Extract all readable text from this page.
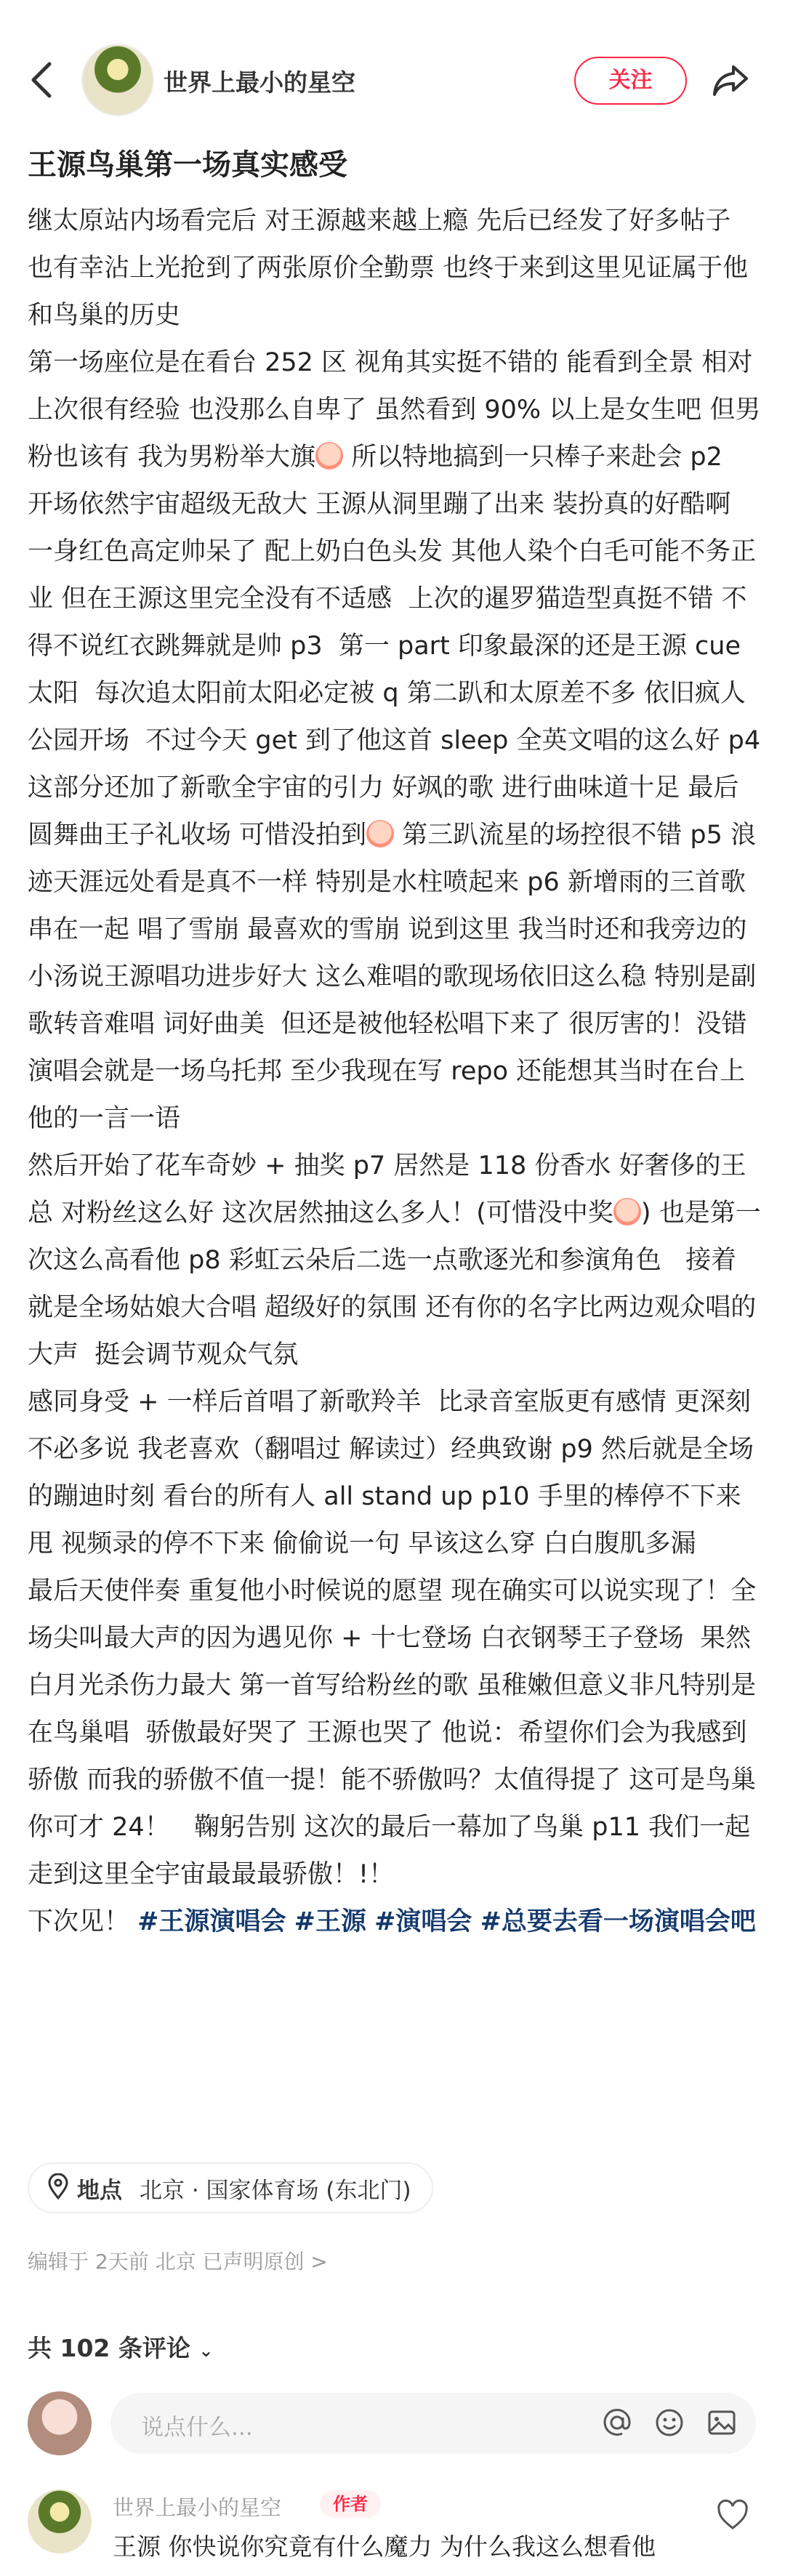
世界上最小的星空	关注
王源鸟巢第一场真实感受

继太原站内场看完后 对王源越来越上瘾 先后已经发了好多帖子 也有幸沾上光抢到了两张原价全勤票 也终于来到这里见证属于他和鸟巢的历史

第一场座位是在看台 252 区 视角其实挺不错的 能看到全景 相对上次很有经验 也没那么自卑了 虽然看到 90% 以上是女生吧 但男粉也该有 我为男粉举大旗 所以特地搞到一只棒子来赴会 p2

开场依然宇宙超级无敌大 王源从洞里蹦了出来 装扮真的好酷啊 一身红色高定帅呆了 配上奶白色头发 其他人染个白毛可能不务正业 但在王源这里完全没有不适感  上次的暹罗猫造型真挺不错 不得不说红衣跳舞就是帅 p3  第一 part 印象最深的还是王源 cue 太阳  每次追太阳前太阳必定被 q 第二趴和太原差不多 依旧疯人公园开场  不过今天 get 到了他这首 sleep 全英文唱的这么好 p4  这部分还加了新歌全宇宙的引力 好飒的歌 进行曲味道十足 最后圆舞曲王子礼收场 可惜没拍到 第三趴流星的场控很不错 p5 浪迹天涯远处看是真不一样 特别是水柱喷起来 p6 新增雨的三首歌串在一起 唱了雪崩 最喜欢的雪崩 说到这里 我当时还和我旁边的小汤说王源唱功进步好大 这么难唱的歌现场依旧这么稳 特别是副歌转音难唱 词好曲美  但还是被他轻松唱下来了 很厉害的！没错 演唱会就是一场乌托邦 至少我现在写 repo 还能想其当时在台上他的一言一语

然后开始了花车奇妙 + 抽奖 p7 居然是 118 份香水 好奢侈的王总 对粉丝这么好 这次居然抽这么多人！(可惜没中奖 ) 也是第一次这么高看他 p8 彩虹云朵后二选一点歌逐光和参演角色   接着就是全场姑娘大合唱 超级好的氛围 还有你的名字比两边观众唱的大声  挺会调节观众气氛

感同身受 + 一样后首唱了新歌羚羊  比录音室版更有感情 更深刻 不必多说 我老喜欢（翻唱过 解读过）经典致谢 p9 然后就是全场的蹦迪时刻 看台的所有人 all stand up p10 手里的棒停不下来甩 视频录的停不下来 偷偷说一句 早该这么穿 白白腹肌多漏

最后天使伴奏 重复他小时候说的愿望 现在确实可以说实现了！全场尖叫最大声的因为遇见你 + 十七登场 白衣钢琴王子登场  果然白月光杀伤力最大 第一首写给粉丝的歌 虽稚嫩但意义非凡特别是在鸟巢唱  骄傲最好哭了 王源也哭了 他说：希望你们会为我感到骄傲 而我的骄傲不值一提！能不骄傲吗？太值得提了 这可是鸟巢 你可才 24！   鞠躬告别 这次的最后一幕加了鸟巢 p11 我们一起走到这里全宇宙最最最骄傲！!！

下次见！ #王源演唱会 #王源 #演唱会 #总要去看一场演唱会吧

地点 北京 · 国家体育场 (东北门)
编辑于 2天前 北京 已声明原创 >
共 102 条评论 ⌄
说点什么...
世界上最小的星空	作者
王源 你快说你究竟有什么魔力 为什么我这么想看他
